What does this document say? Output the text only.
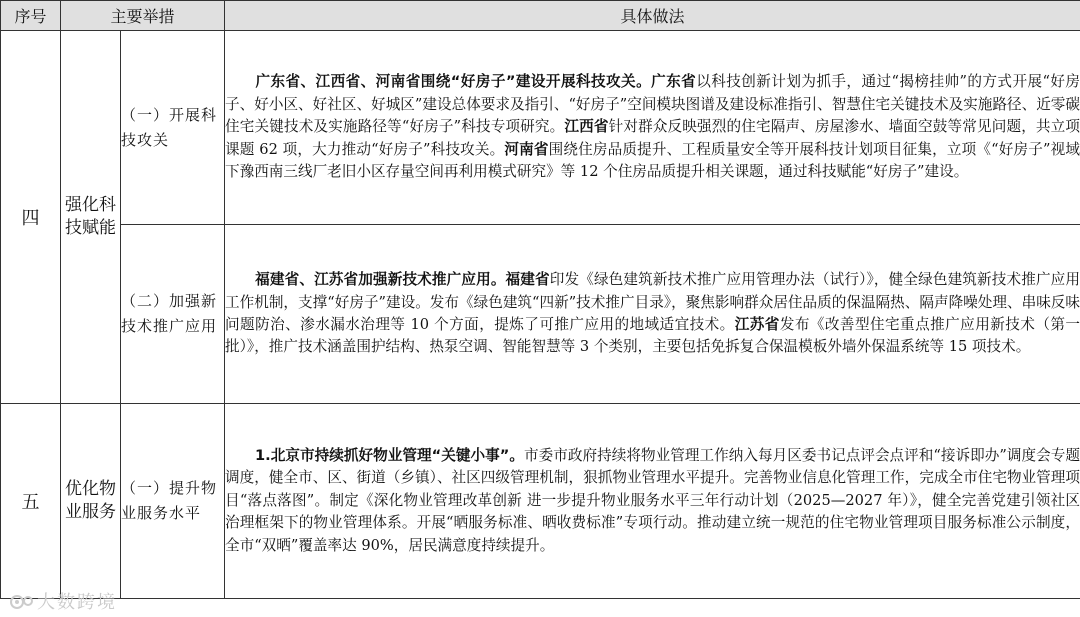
序号	主要举措		具体做法
四	强化科技赋能	（一）开展科技攻关	广东省、江西省、河南省围绕“好房子”建设开展科技攻关。广东省以科技创新计划为抓手，通过“揭榜挂帅”的方式开展“好房子、好小区、好社区、好城区”建设总体要求及指引、“好房子”空间模块图谱及建设标准指引、智慧住宅关键技术及实施路径、近零碳住宅关键技术及实施路径等“好房子”科技专项研究。江西省针对群众反映强烈的住宅隔声、房屋渗水、墙面空鼓等常见问题，共立项课题 62 项，大力推动“好房子”科技攻关。河南省围绕住房品质提升、工程质量安全等开展科技计划项目征集，立项《“好房子”视域下豫西南三线厂老旧小区存量空间再利用模式研究》等 12 个住房品质提升相关课题，通过科技赋能“好房子”建设。
		（二）加强新技术推广应用	福建省、江苏省加强新技术推广应用。福建省印发《绿色建筑新技术推广应用管理办法（试行）》，健全绿色建筑新技术推广应用工作机制，支撑“好房子”建设。发布《绿色建筑“四新”技术推广目录》，聚焦影响群众居住品质的保温隔热、隔声降噪处理、串味反味问题防治、渗水漏水治理等 10 个方面，提炼了可推广应用的地域适宜技术。江苏省发布《改善型住宅重点推广应用新技术（第一批）》，推广技术涵盖围护结构、热泵空调、智能智慧等 3 个类别，主要包括免拆复合保温模板外墙外保温系统等 15 项技术。
五	优化物业服务	（一）提升物业服务水平	1.北京市持续抓好物业管理“关键小事”。市委市政府持续将物业管理工作纳入每月区委书记点评会点评和“接诉即办”调度会专题调度，健全市、区、街道（乡镇）、社区四级管理机制，狠抓物业管理水平提升。完善物业信息化管理工作，完成全市住宅物业管理项目“落点落图”。制定《深化物业管理改革创新 进一步提升物业服务水平三年行动计划（2025—2027 年）》，健全完善党建引领社区治理框架下的物业管理体系。开展“晒服务标准、晒收费标准”专项行动。推动建立统一规范的住宅物业管理项目服务标准公示制度，全市“双晒”覆盖率达 90%，居民满意度持续提升。
大数跨境
